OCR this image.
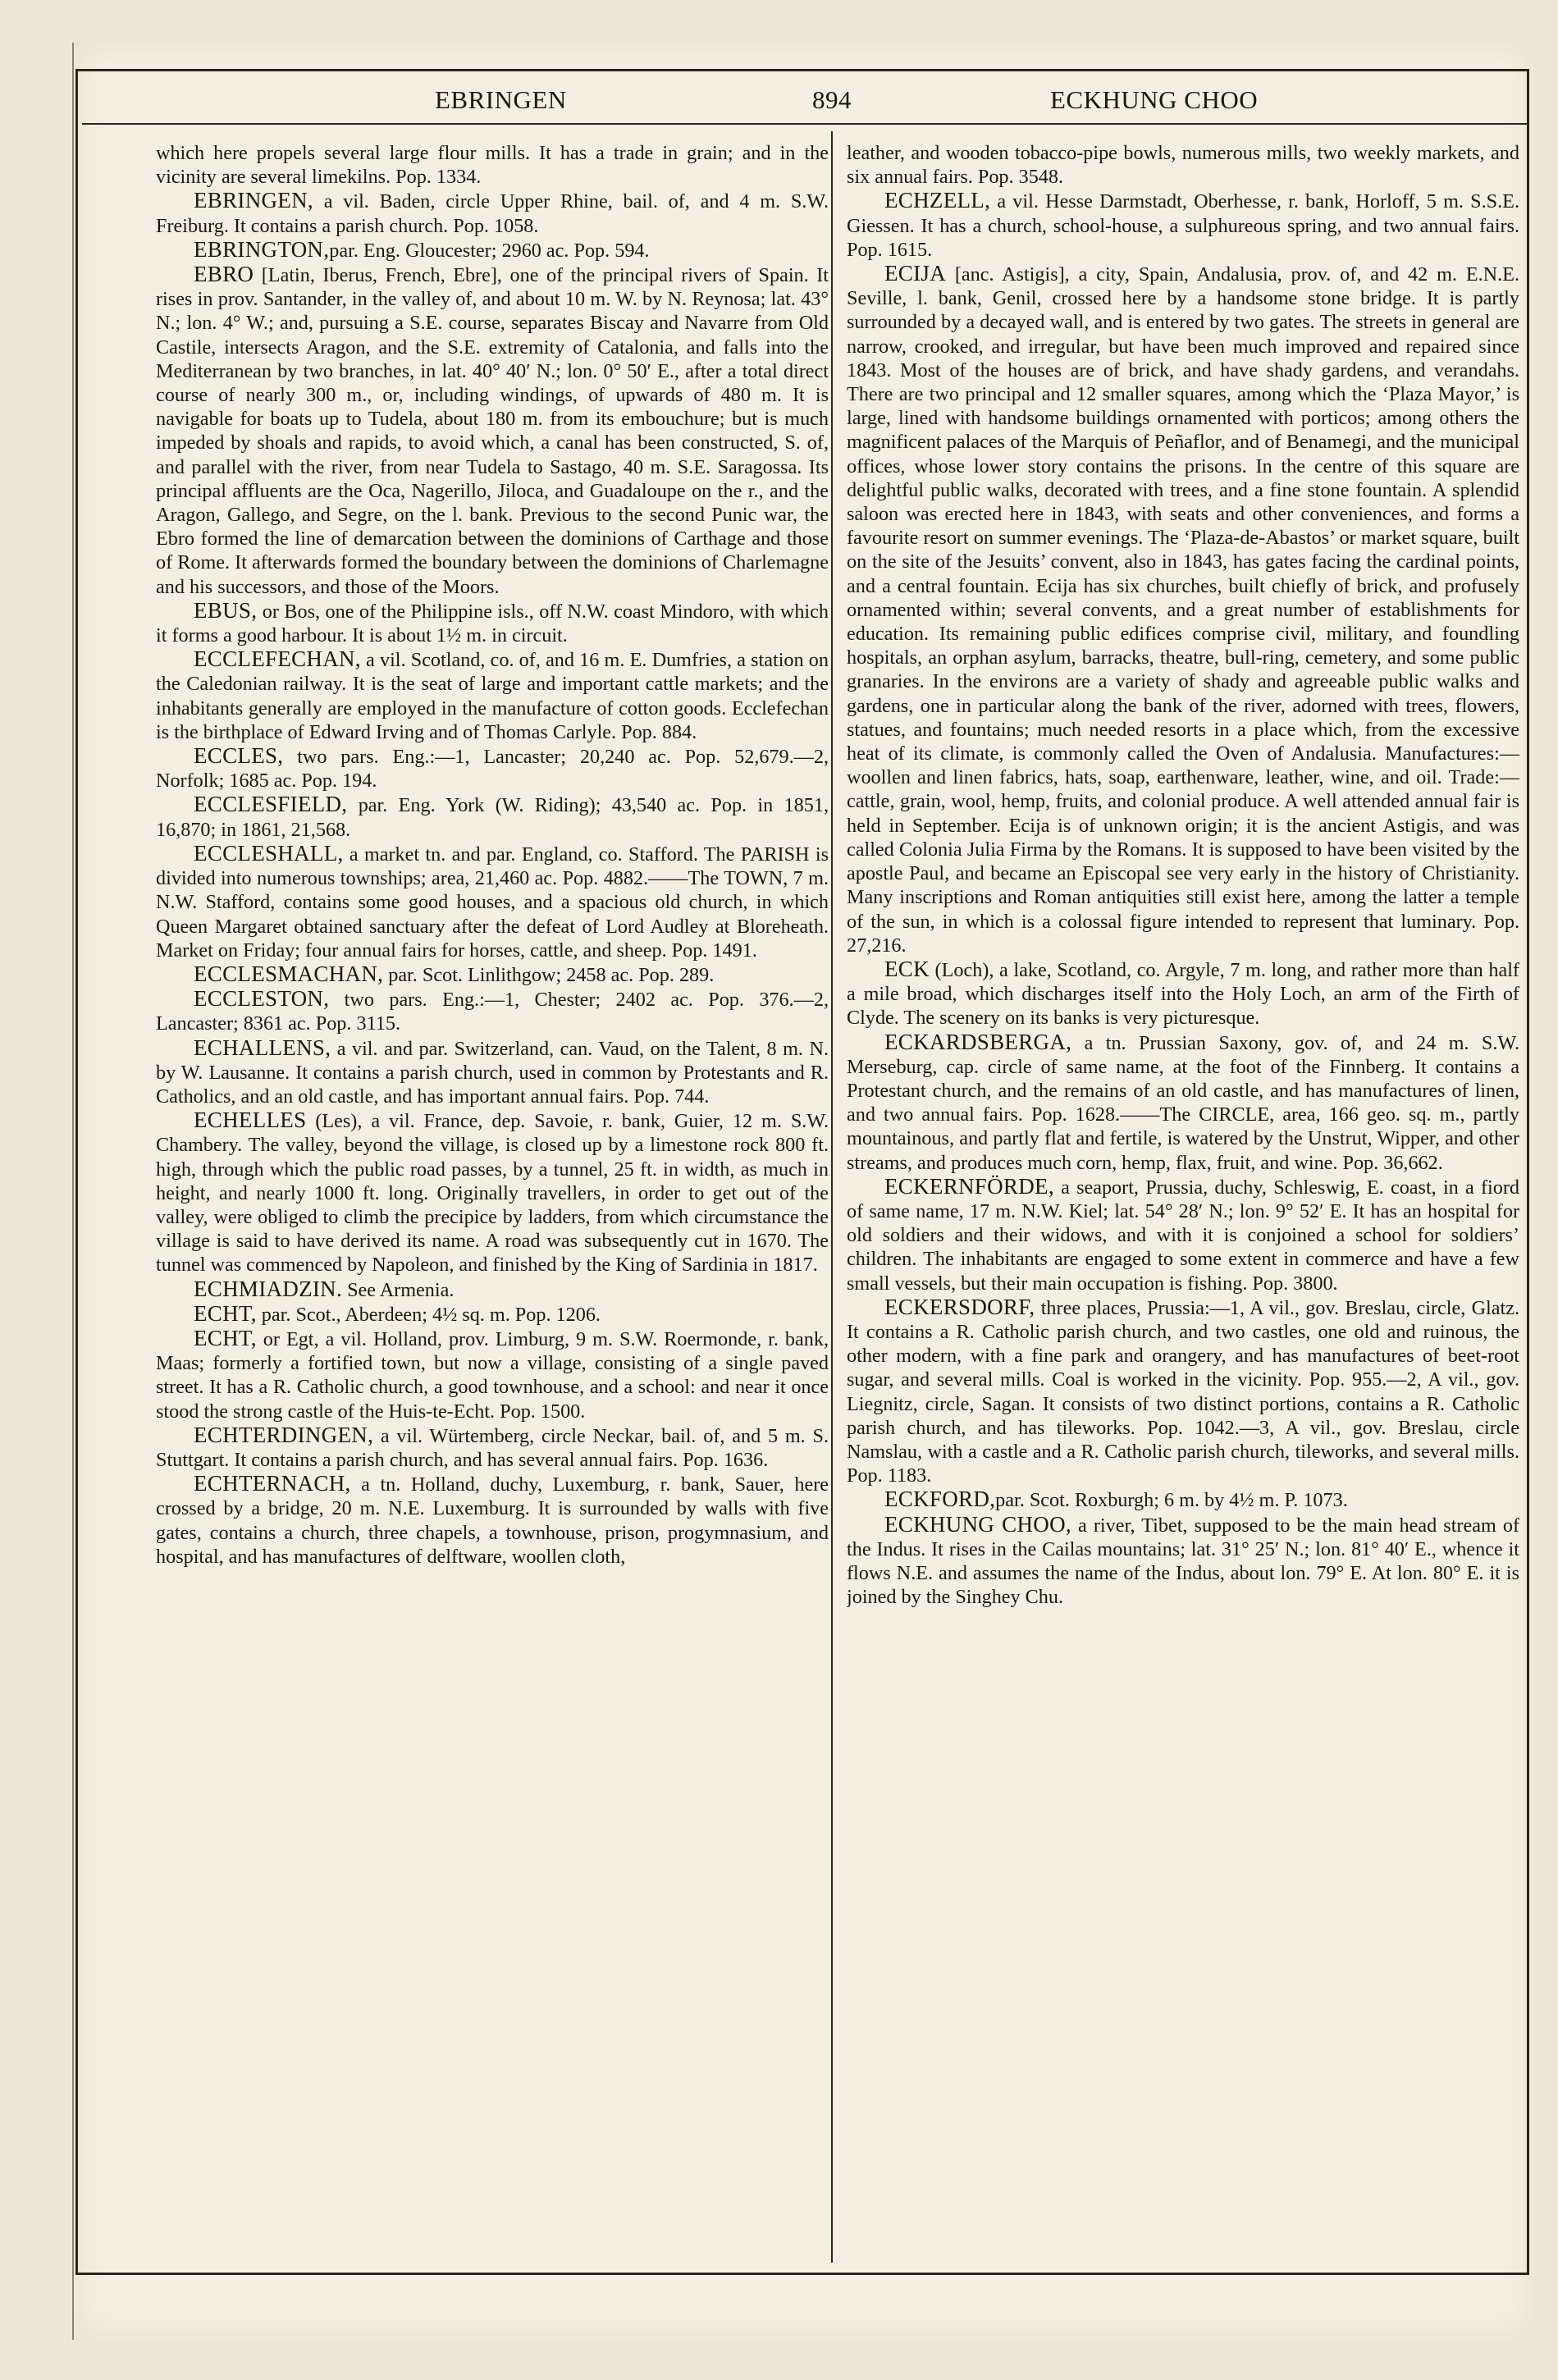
EBRINGEN	894	ECKHUNG CHOO

which here propels several large flour mills. It has a trade in grain; and in the vicinity are several limekilns. Pop. 1334.

EBRINGEN, a vil. Baden, circle Upper Rhine, bail. of, and 4 m. S.W. Freiburg. It contains a parish church. Pop. 1058.

EBRINGTON,par. Eng. Gloucester; 2960 ac. Pop. 594.

EBRO [Latin, Iberus, French, Ebre], one of the principal rivers of Spain. It rises in prov. Santander, in the valley of, and about 10 m. W. by N. Reynosa; lat. 43° N.; lon. 4° W.; and, pursuing a S.E. course, separates Biscay and Navarre from Old Castile, intersects Aragon, and the S.E. extremity of Catalonia, and falls into the Mediterranean by two branches, in lat. 40° 40′ N.; lon. 0° 50′ E., after a total direct course of nearly 300 m., or, including windings, of upwards of 480 m. It is navigable for boats up to Tudela, about 180 m. from its embouchure; but is much impeded by shoals and rapids, to avoid which, a canal has been constructed, S. of, and parallel with the river, from near Tudela to Sastago, 40 m. S.E. Saragossa. Its principal affluents are the Oca, Nagerillo, Jiloca, and Guadaloupe on the r., and the Aragon, Gallego, and Segre, on the l. bank. Previous to the second Punic war, the Ebro formed the line of demarcation between the dominions of Carthage and those of Rome. It afterwards formed the boundary between the dominions of Charlemagne and his successors, and those of the Moors.

EBUS, or Bos, one of the Philippine isls., off N.W. coast Mindoro, with which it forms a good harbour. It is about 1½ m. in circuit.

ECCLEFECHAN, a vil. Scotland, co. of, and 16 m. E. Dumfries, a station on the Caledonian railway. It is the seat of large and important cattle markets; and the inhabitants generally are employed in the manufacture of cotton goods. Ecclefechan is the birthplace of Edward Irving and of Thomas Carlyle. Pop. 884.

ECCLES, two pars. Eng.:—1, Lancaster; 20,240 ac. Pop. 52,679.—2, Norfolk; 1685 ac. Pop. 194.

ECCLESFIELD, par. Eng. York (W. Riding); 43,540 ac. Pop. in 1851, 16,870; in 1861, 21,568.

ECCLESHALL, a market tn. and par. England, co. Stafford. The PARISH is divided into numerous townships; area, 21,460 ac. Pop. 4882.——The TOWN, 7 m. N.W. Stafford, contains some good houses, and a spacious old church, in which Queen Margaret obtained sanctuary after the defeat of Lord Audley at Bloreheath. Market on Friday; four annual fairs for horses, cattle, and sheep. Pop. 1491.

ECCLESMACHAN, par. Scot. Linlithgow; 2458 ac. Pop. 289.

ECCLESTON, two pars. Eng.:—1, Chester; 2402 ac. Pop. 376.—2, Lancaster; 8361 ac. Pop. 3115.

ECHALLENS, a vil. and par. Switzerland, can. Vaud, on the Talent, 8 m. N. by W. Lausanne. It contains a parish church, used in common by Protestants and R. Catholics, and an old castle, and has important annual fairs. Pop. 744.

ECHELLES (Les), a vil. France, dep. Savoie, r. bank, Guier, 12 m. S.W. Chambery. The valley, beyond the village, is closed up by a limestone rock 800 ft. high, through which the public road passes, by a tunnel, 25 ft. in width, as much in height, and nearly 1000 ft. long. Originally travellers, in order to get out of the valley, were obliged to climb the precipice by ladders, from which circumstance the village is said to have derived its name. A road was subsequently cut in 1670. The tunnel was commenced by Napoleon, and finished by the King of Sardinia in 1817.

ECHMIADZIN. See Armenia.

ECHT, par. Scot., Aberdeen; 4½ sq. m. Pop. 1206.

ECHT, or Egt, a vil. Holland, prov. Limburg, 9 m. S.W. Roermonde, r. bank, Maas; formerly a fortified town, but now a village, consisting of a single paved street. It has a R. Catholic church, a good townhouse, and a school: and near it once stood the strong castle of the Huis-te-Echt. Pop. 1500.

ECHTERDINGEN, a vil. Würtemberg, circle Neckar, bail. of, and 5 m. S. Stuttgart. It contains a parish church, and has several annual fairs. Pop. 1636.

ECHTERNACH, a tn. Holland, duchy, Luxemburg, r. bank, Sauer, here crossed by a bridge, 20 m. N.E. Luxemburg. It is surrounded by walls with five gates, contains a church, three chapels, a townhouse, prison, progymnasium, and hospital, and has manufactures of delftware, woollen cloth,

leather, and wooden tobacco-pipe bowls, numerous mills, two weekly markets, and six annual fairs. Pop. 3548.

ECHZELL, a vil. Hesse Darmstadt, Oberhesse, r. bank, Horloff, 5 m. S.S.E. Giessen. It has a church, school-house, a sulphureous spring, and two annual fairs. Pop. 1615.

ECIJA [anc. Astigis], a city, Spain, Andalusia, prov. of, and 42 m. E.N.E. Seville, l. bank, Genil, crossed here by a handsome stone bridge. It is partly surrounded by a decayed wall, and is entered by two gates. The streets in general are narrow, crooked, and irregular, but have been much improved and repaired since 1843. Most of the houses are of brick, and have shady gardens, and verandahs. There are two principal and 12 smaller squares, among which the ‘Plaza Mayor,’ is large, lined with handsome buildings ornamented with porticos; among others the magnificent palaces of the Marquis of Peñaflor, and of Benamegi, and the municipal offices, whose lower story contains the prisons. In the centre of this square are delightful public walks, decorated with trees, and a fine stone fountain. A splendid saloon was erected here in 1843, with seats and other conveniences, and forms a favourite resort on summer evenings. The ‘Plaza-de-Abastos’ or market square, built on the site of the Jesuits’ convent, also in 1843, has gates facing the cardinal points, and a central fountain. Ecija has six churches, built chiefly of brick, and profusely ornamented within; several convents, and a great number of establishments for education. Its remaining public edifices comprise civil, military, and foundling hospitals, an orphan asylum, barracks, theatre, bull-ring, cemetery, and some public granaries. In the environs are a variety of shady and agreeable public walks and gardens, one in particular along the bank of the river, adorned with trees, flowers, statues, and fountains; much needed resorts in a place which, from the excessive heat of its climate, is commonly called the Oven of Andalusia. Manufactures:—woollen and linen fabrics, hats, soap, earthenware, leather, wine, and oil. Trade:—cattle, grain, wool, hemp, fruits, and colonial produce. A well attended annual fair is held in September. Ecija is of unknown origin; it is the ancient Astigis, and was called Colonia Julia Firma by the Romans. It is supposed to have been visited by the apostle Paul, and became an Episcopal see very early in the history of Christianity. Many inscriptions and Roman antiquities still exist here, among the latter a temple of the sun, in which is a colossal figure intended to represent that luminary. Pop. 27,216.

ECK (Loch), a lake, Scotland, co. Argyle, 7 m. long, and rather more than half a mile broad, which discharges itself into the Holy Loch, an arm of the Firth of Clyde. The scenery on its banks is very picturesque.

ECKARDSBERGA, a tn. Prussian Saxony, gov. of, and 24 m. S.W. Merseburg, cap. circle of same name, at the foot of the Finnberg. It contains a Protestant church, and the remains of an old castle, and has manufactures of linen, and two annual fairs. Pop. 1628.——The CIRCLE, area, 166 geo. sq. m., partly mountainous, and partly flat and fertile, is watered by the Unstrut, Wipper, and other streams, and produces much corn, hemp, flax, fruit, and wine. Pop. 36,662.

ECKERNFÖRDE, a seaport, Prussia, duchy, Schleswig, E. coast, in a fiord of same name, 17 m. N.W. Kiel; lat. 54° 28′ N.; lon. 9° 52′ E. It has an hospital for old soldiers and their widows, and with it is conjoined a school for soldiers’ children. The inhabitants are engaged to some extent in commerce and have a few small vessels, but their main occupation is fishing. Pop. 3800.

ECKERSDORF, three places, Prussia:—1, A vil., gov. Breslau, circle, Glatz. It contains a R. Catholic parish church, and two castles, one old and ruinous, the other modern, with a fine park and orangery, and has manufactures of beet-root sugar, and several mills. Coal is worked in the vicinity. Pop. 955.—2, A vil., gov. Liegnitz, circle, Sagan. It consists of two distinct portions, contains a R. Catholic parish church, and has tileworks. Pop. 1042.—3, A vil., gov. Breslau, circle Namslau, with a castle and a R. Catholic parish church, tileworks, and several mills. Pop. 1183.

ECKFORD,par. Scot. Roxburgh; 6 m. by 4½ m. P. 1073.

ECKHUNG CHOO, a river, Tibet, supposed to be the main head stream of the Indus. It rises in the Cailas mountains; lat. 31° 25′ N.; lon. 81° 40′ E., whence it flows N.E. and assumes the name of the Indus, about lon. 79° E. At lon. 80° E. it is joined by the Singhey Chu.
